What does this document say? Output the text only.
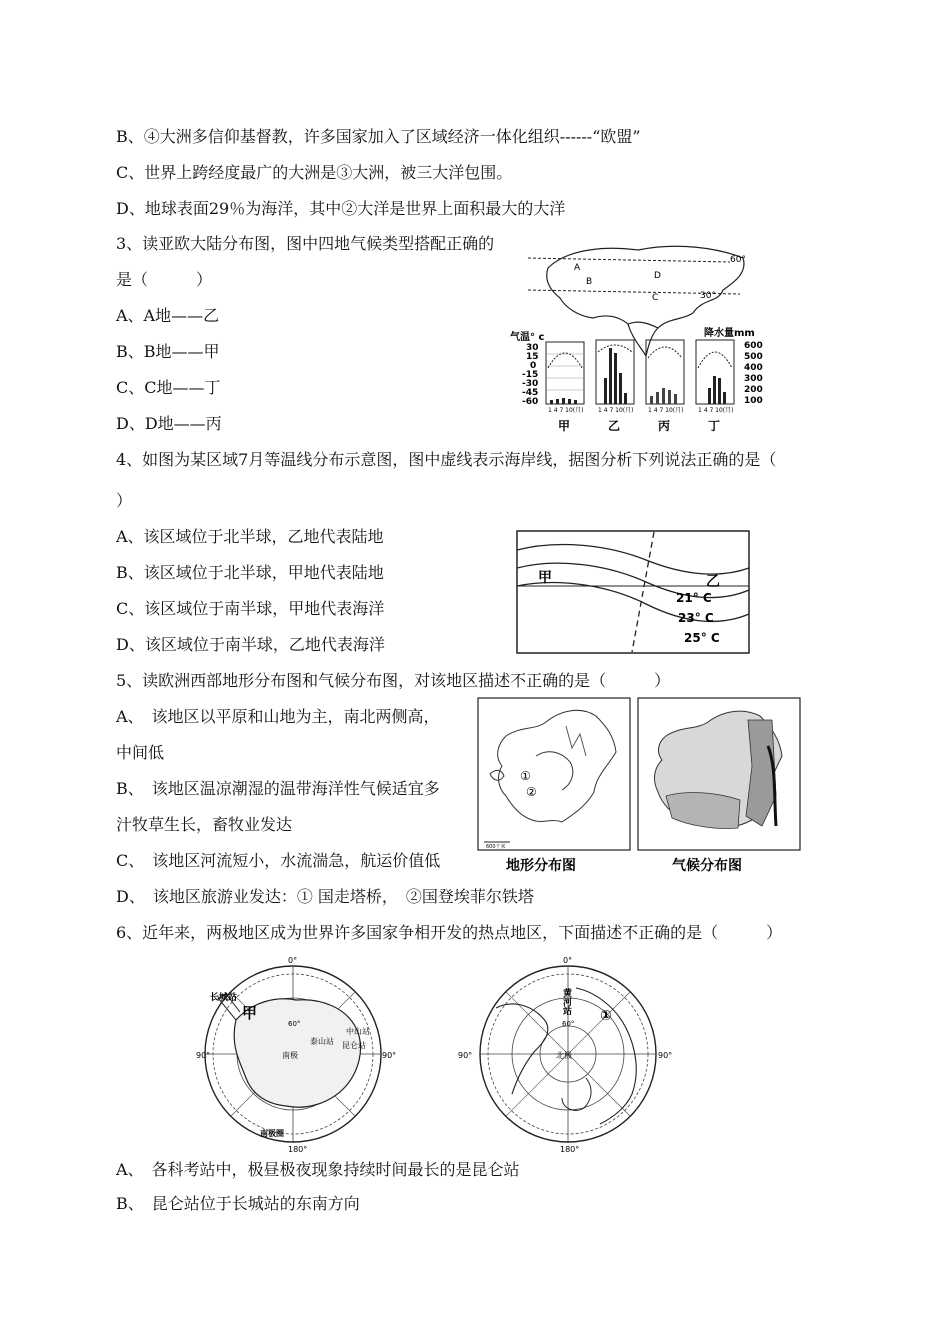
B、④大洲多信仰基督教，许多国家加入了区域经济一体化组织------“欧盟”
C、世界上跨经度最广的大洲是③大洲，被三大洋包围。
D、地球表面29％为海洋，其中②大洋是世界上面积最大的大洋
3、读亚欧大陆分布图，图中四地气候类型搭配正确的
是（　　　）
A、A地——乙
B、B地——甲
C、C地——丁
D、D地——丙
60°
30°
A
B
D
C
气温° c	降水量mm
30
15
0
-15
-30
-45
-60
600
500
400
300
200
100
1 4 7 10(月) 1 4 7 10(月) 1 4 7 10(月) 1 4 7 10(月)
甲	乙	丙	丁
4、如图为某区域7月等温线分布示意图，图中虚线表示海岸线，据图分析下列说法正确的是（
）
A、该区域位于北半球，乙地代表陆地
B、该区域位于北半球，甲地代表陆地
C、该区域位于南半球，甲地代表海洋
D、该区域位于南半球，乙地代表海洋
甲	乙
21° C
23° C
25° C
5、读欧洲西部地形分布图和气候分布图，对该地区描述不正确的是（　　　）
A、　该地区以平原和山地为主，南北两侧高，
中间低
B、　该地区温凉潮湿的温带海洋性气候适宜多
汁牧草生长，畜牧业发达
C、　该地区河流短小，水流湍急，航运价值低
D、　该地区旅游业发达：① 国走塔桥，　②国登埃菲尔铁塔
①
②
600千米
地形分布图	气候分布图
6、近年来，两极地区成为世界许多国家争相开发的热点地区，下面描述不正确的是（　　　）
0°
90°	90°
180°
60°
长城站
甲
泰山站
中山站
昆仑站
南极
南极圈
0°
90°	90°
180°
60°
黄河站
①
北极
A、　各科考站中，极昼极夜现象持续时间最长的是昆仑站
B、　昆仑站位于长城站的东南方向
